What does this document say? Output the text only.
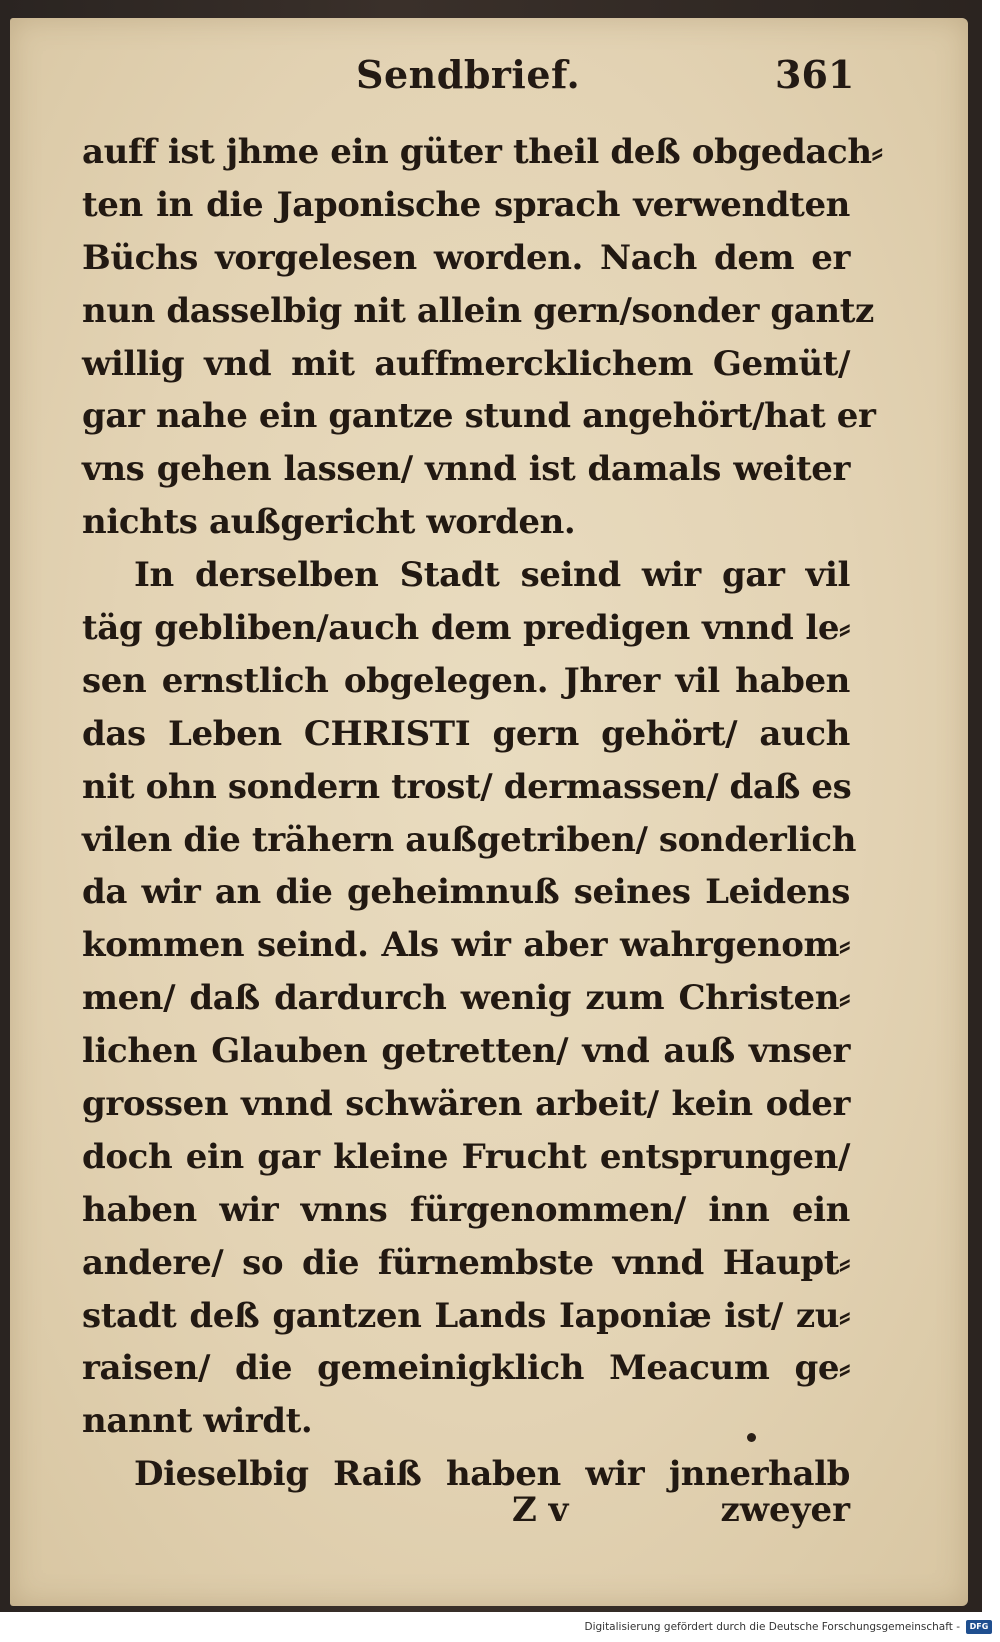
Sendbrief.	361
auff ist jhme ein güter theil deß obgedach⸗
ten in die Japonische sprach verwendten
Büchs vorgelesen worden. Nach dem er
nun dasselbig nit allein gern/sonder gantz
willig vnd mit auffmercklichem Gemüt/
gar nahe ein gantze stund angehört/hat er
vns gehen lassen/ vnnd ist damals weiter
nichts außgericht worden.
In derselben Stadt seind wir gar vil
täg gebliben/auch dem predigen vnnd le⸗
sen ernstlich obgelegen. Jhrer vil haben
das Leben CHRISTI gern gehört/ auch
nit ohn sondern trost/ dermassen/ daß es
vilen die trähern außgetriben/ sonderlich
da wir an die geheimnuß seines Leidens
kommen seind. Als wir aber wahrgenom⸗
men/ daß dardurch wenig zum Christen⸗
lichen Glauben getretten/ vnd auß vnser
grossen vnnd schwären arbeit/ kein oder
doch ein gar kleine Frucht entsprungen/
haben wir vnns fürgenommen/ inn ein
andere/ so die fürnembste vnnd Haupt⸗
stadt deß gantzen Lands Iaponiæ ist/ zu⸗
raisen/ die gemeinigklich Meacum ge⸗
nannt wirdt.
Dieselbig Raiß haben wir jnnerhalb
Z v	zweyer
Digitalisierung gefördert durch die Deutsche Forschungsgemeinschaft -	DFG
